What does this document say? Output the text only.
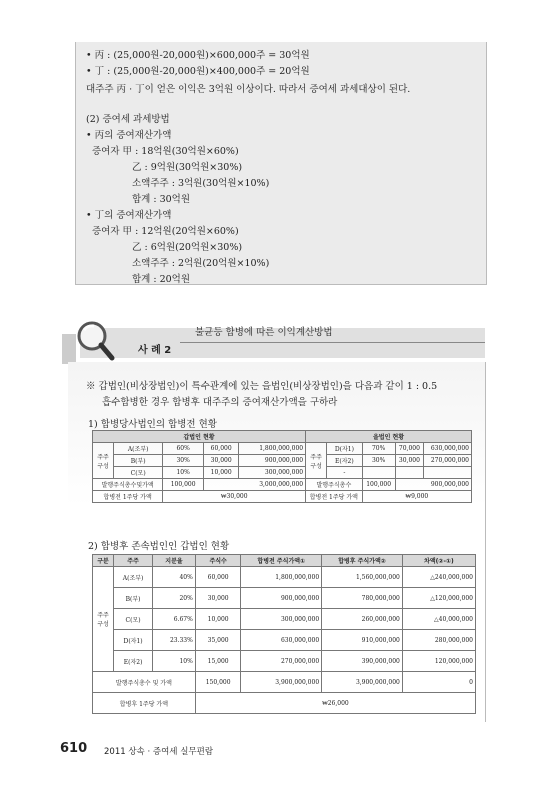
• 丙 : (25,000원-20,000원)×600,000주 = 30억원
• 丁 : (25,000원-20,000원)×400,000주 = 20억원
대주주 丙 · 丁이 얻은 이익은 3억원 이상이다. 따라서 증여세 과세대상이 된다.
(2) 증여세 과세방법
• 丙의 증여재산가액
증여자 甲 : 18억원(30억원×60%)
乙 : 9억원(30억원×30%)
소액주주 : 3억원(30억원×10%)
합계 : 30억원
• 丁의 증여재산가액
증여자 甲 : 12억원(20억원×60%)
乙 : 6억원(20억원×30%)
소액주주 : 2억원(20억원×10%)
합계 : 20억원
불균등 합병에 따른 이익계산방법
사 례 2
※ 갑법인(비상장법인)이 특수관계에 있는 을법인(비상장법인)을 다음과 같이 1 : 0.5
흡수합병한 경우 합병후 대주주의 증여재산가액을 구하라
1) 합병당사법인의 합병전 현황
갑법인 현황					을법인 현황				
주주 구성	A(조부)	60%	60,000	1,800,000,000	주주 구성	D(자1)	70%	70,000	630,000,000
	B(부)	30%	30,000	900,000,000		E(자2)	30%	30,000	270,000,000
	C(모)	10%	10,000	300,000,000		-			
발행주식총수및가액		100,000	3,000,000,000		발행주식총수		100,000	900,000,000	
합병전 1주당 가액		₩30,000			합병전 1주당 가액		₩9,000		
2) 합병후 존속법인인 갑법인 현황
구분	주주	지분율	주식수	합병전 주식가액①	합병후 주식가액②	차액(②-①)
주주 구성	A(조부)	40%	60,000	1,800,000,000	1,560,000,000	△240,000,000
	B(부)	20%	30,000	900,000,000	780,000,000	△120,000,000
	C(모)	6.67%	10,000	300,000,000	260,000,000	△40,000,000
	D(자1)	23.33%	35,000	630,000,000	910,000,000	280,000,000
	E(자2)	10%	15,000	270,000,000	390,000,000	120,000,000
발행주식총수 및 가액			150,000	3,900,000,000	3,900,000,000	0
합병후 1주당 가액			₩26,000			
610 2011 상속 · 증여세 실무편람
